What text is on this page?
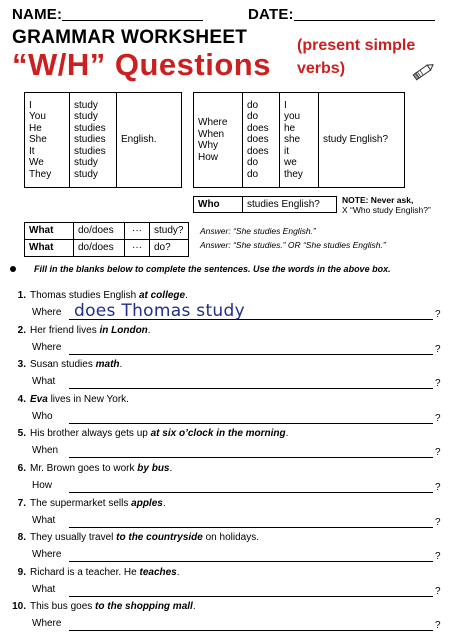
NAME:	DATE:
GRAMMAR WORKSHEET
“W/H” Questions
(present simple
verbs)
I
You
He
She
It
We
They

study
study
studies
studies
studies
study
study
	English.
Where
When
Why
How

do
do
does
does
does
do
do

I
you
he
she
it
we
they
	study English?
Who	studies English?	NOTE: Never ask,
X “Who study English?”
What	do/does	···	study?
What	do/does	···	do?
Answer: “She studies English.”
Answer: “She studies.” OR “She studies English.”
Fill in the blanks below to complete the sentences. Use the words in the above box.
1. Thomas studies English at college.
Where	?
does Thomas study
2. Her friend lives in London.
Where	?
3. Susan studies math.
What	?
4. Eva lives in New York.
Who	?
5. His brother always gets up at six o’clock in the morning.
When	?
6. Mr. Brown goes to work by bus.
How	?
7. The supermarket sells apples.
What	?
8. They usually travel to the countryside on holidays.
Where	?
9. Richard is a teacher. He teaches.
What	?
10. This bus goes to the shopping mall.
Where	?
